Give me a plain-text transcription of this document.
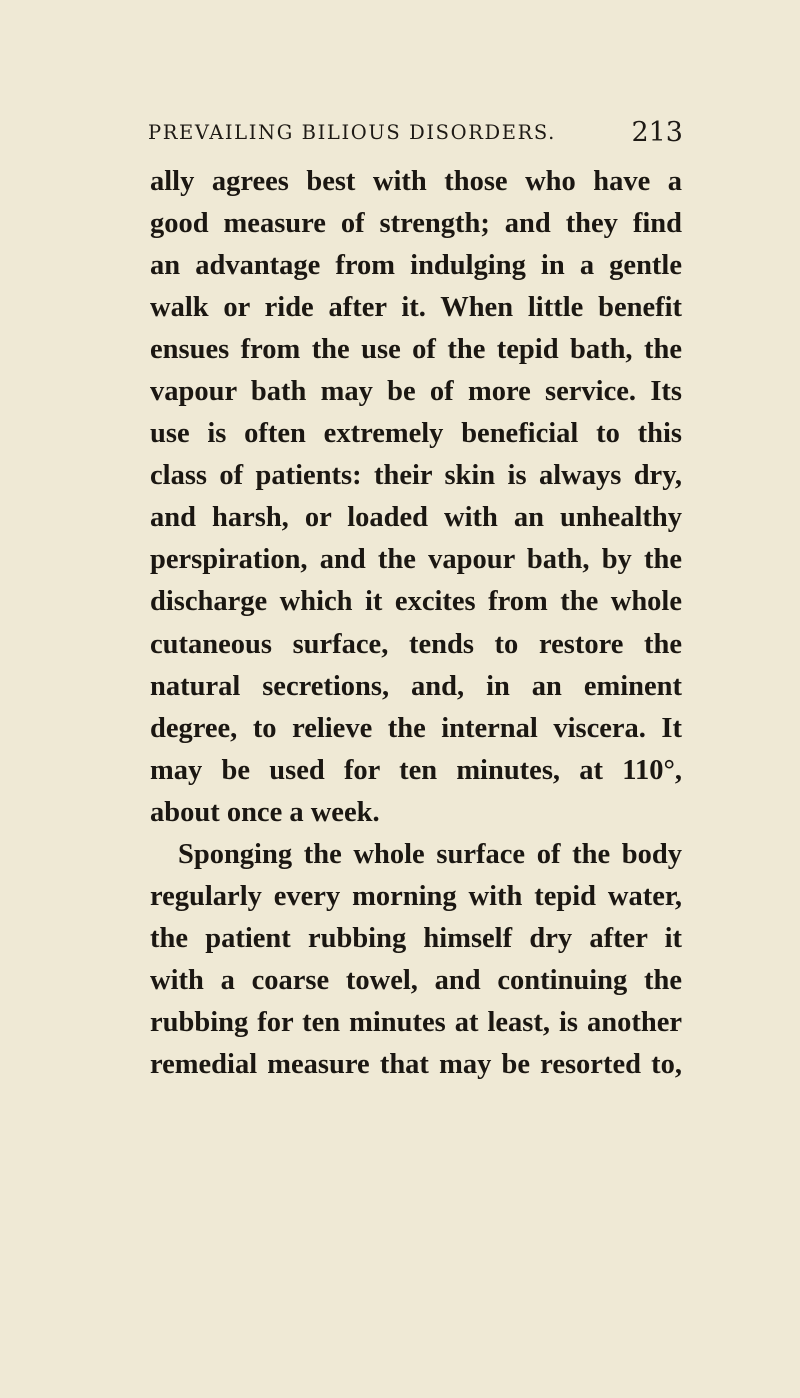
PREVAILING BILIOUS DISORDERS.	213
ally agrees best with those who have a
good measure of strength; and they find
an advantage from indulging in a gentle
walk or ride after it. When little benefit
ensues from the use of the tepid bath, the
vapour bath may be of more service. Its
use is often extremely beneficial to this
class of patients: their skin is always dry,
and harsh, or loaded with an unhealthy
perspiration, and the vapour bath, by the
discharge which it excites from the whole
cutaneous surface, tends to restore the
natural secretions, and, in an eminent
degree, to relieve the internal viscera. It
may be used for ten minutes, at 110°,
about once a week.
Sponging the whole surface of the body
regularly every morning with tepid water,
the patient rubbing himself dry after it
with a coarse towel, and continuing the
rubbing for ten minutes at least, is another
remedial measure that may be resorted to,
